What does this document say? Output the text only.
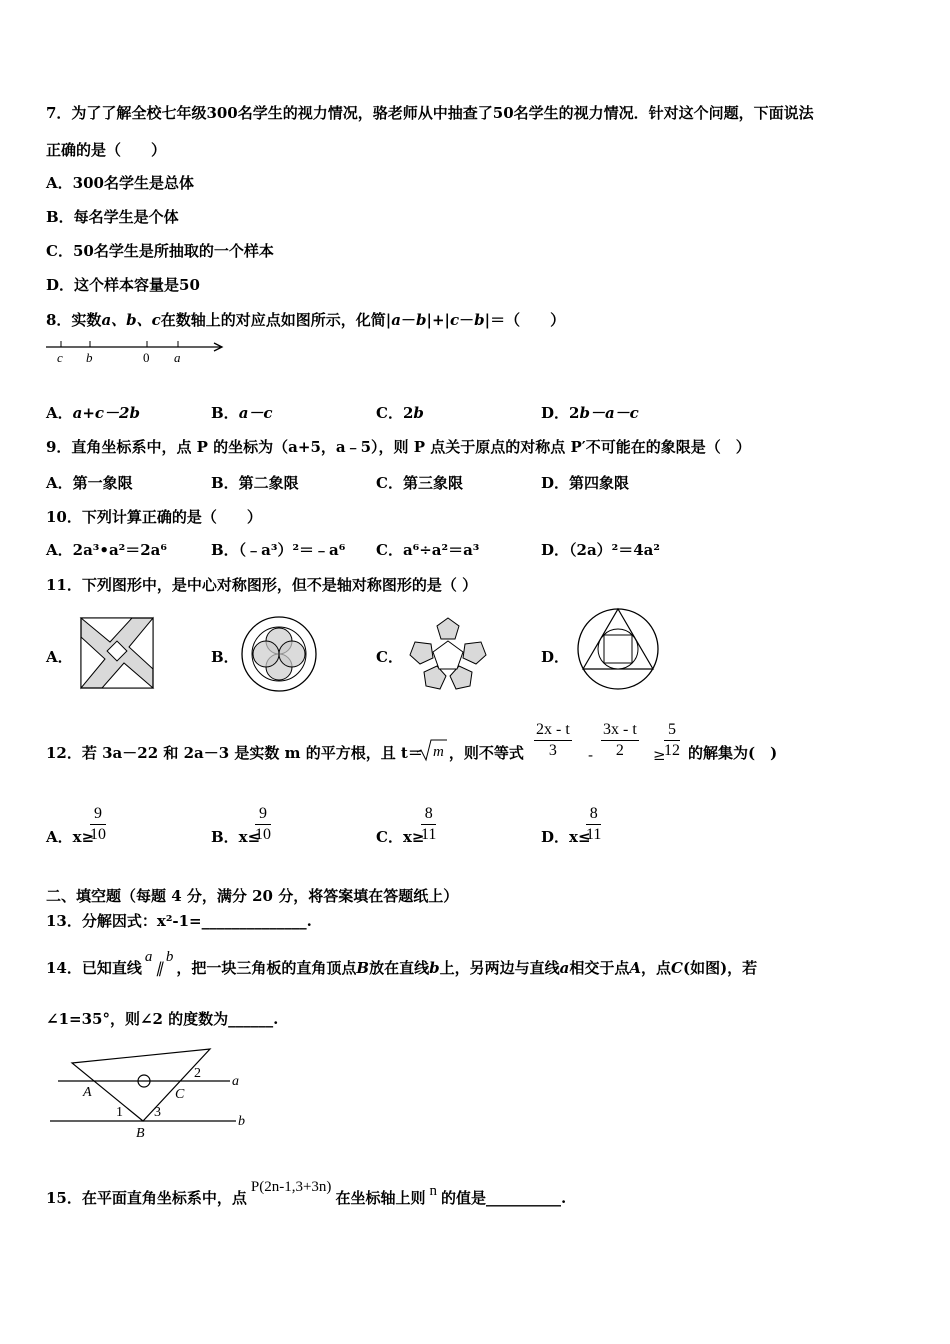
7．为了了解全校七年级300名学生的视力情况，骆老师从中抽查了50名学生的视力情况．针对这个问题，下面说法
正确的是（　　）
A．300名学生是总体
B．每名学生是个体
C．50名学生是所抽取的一个样本
D．这个样本容量是50
8．实数a、b、c在数轴上的对应点如图所示，化简|a－b|+|c－b|＝（　　）
c b	0 a
A．a+c－2b	B．a－c	C．2b	D．2b－a－c
9．直角坐标系中，点 P 的坐标为（a+5，a﹣5），则 P 点关于原点的对称点 P′不可能在的象限是（　）
A．第一象限	B．第二象限	C．第三象限	D．第四象限
10．下列计算正确的是（　　）
A．2a³•a²＝2a⁶	B．（﹣a³）²＝﹣a⁶ C．a⁶÷a²＝a³	D．（2a）²＝4a²
11．下列图形中，是中心对称图形，但不是轴对称图形的是（ ）
A．	B．	C．	D．
12．若 3a－22 和 2a－3 是实数 m 的平方根，且 t＝ ，则不等式
m	$\frac{2x - t}{3} - \frac{3x - t}{2}$ ≥
$\frac{5}{12}$ 的解集为(　)
A．x≥
$\frac{9}{10}$	B．x≤
$\frac{9}{10}$	C．x≥
$\frac{8}{11}$	D．x≤
$\frac{8}{11}$
二、填空题（每题 4 分，满分 20 分，将答案填在答题纸上）
13．分解因式：x²-1=______________.
14．已知直线a∥b，把一块三角板的直角顶点B放在直线b上，另两边与直线a相交于点A，点C(如图)，若
∠1=35°，则∠2 的度数为______.
A
B
C
a
b
1
2
3
15．在平面直角坐标系中，点P(2n-1,3+3n)在坐标轴上则 n 的值是__________.
